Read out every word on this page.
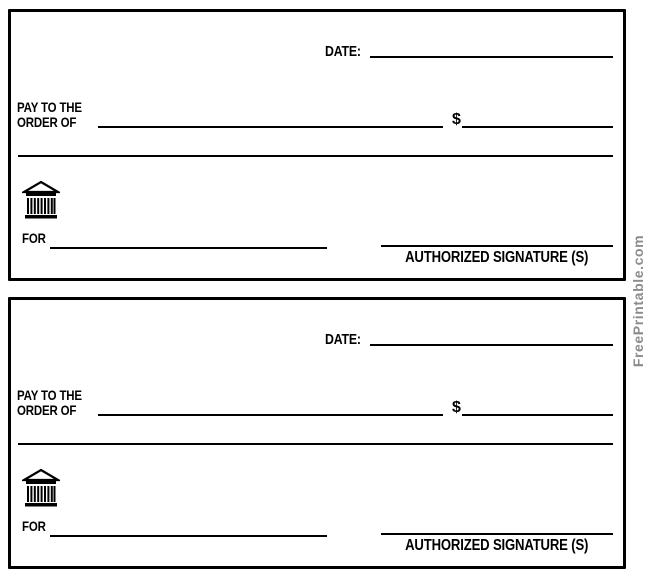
DATE:
PAY TO THE
ORDER OF	$
FOR
AUTHORIZED SIGNATURE (S)
DATE:
PAY TO THE
ORDER OF	$
FOR
AUTHORIZED SIGNATURE (S)
FreePrintable.com
